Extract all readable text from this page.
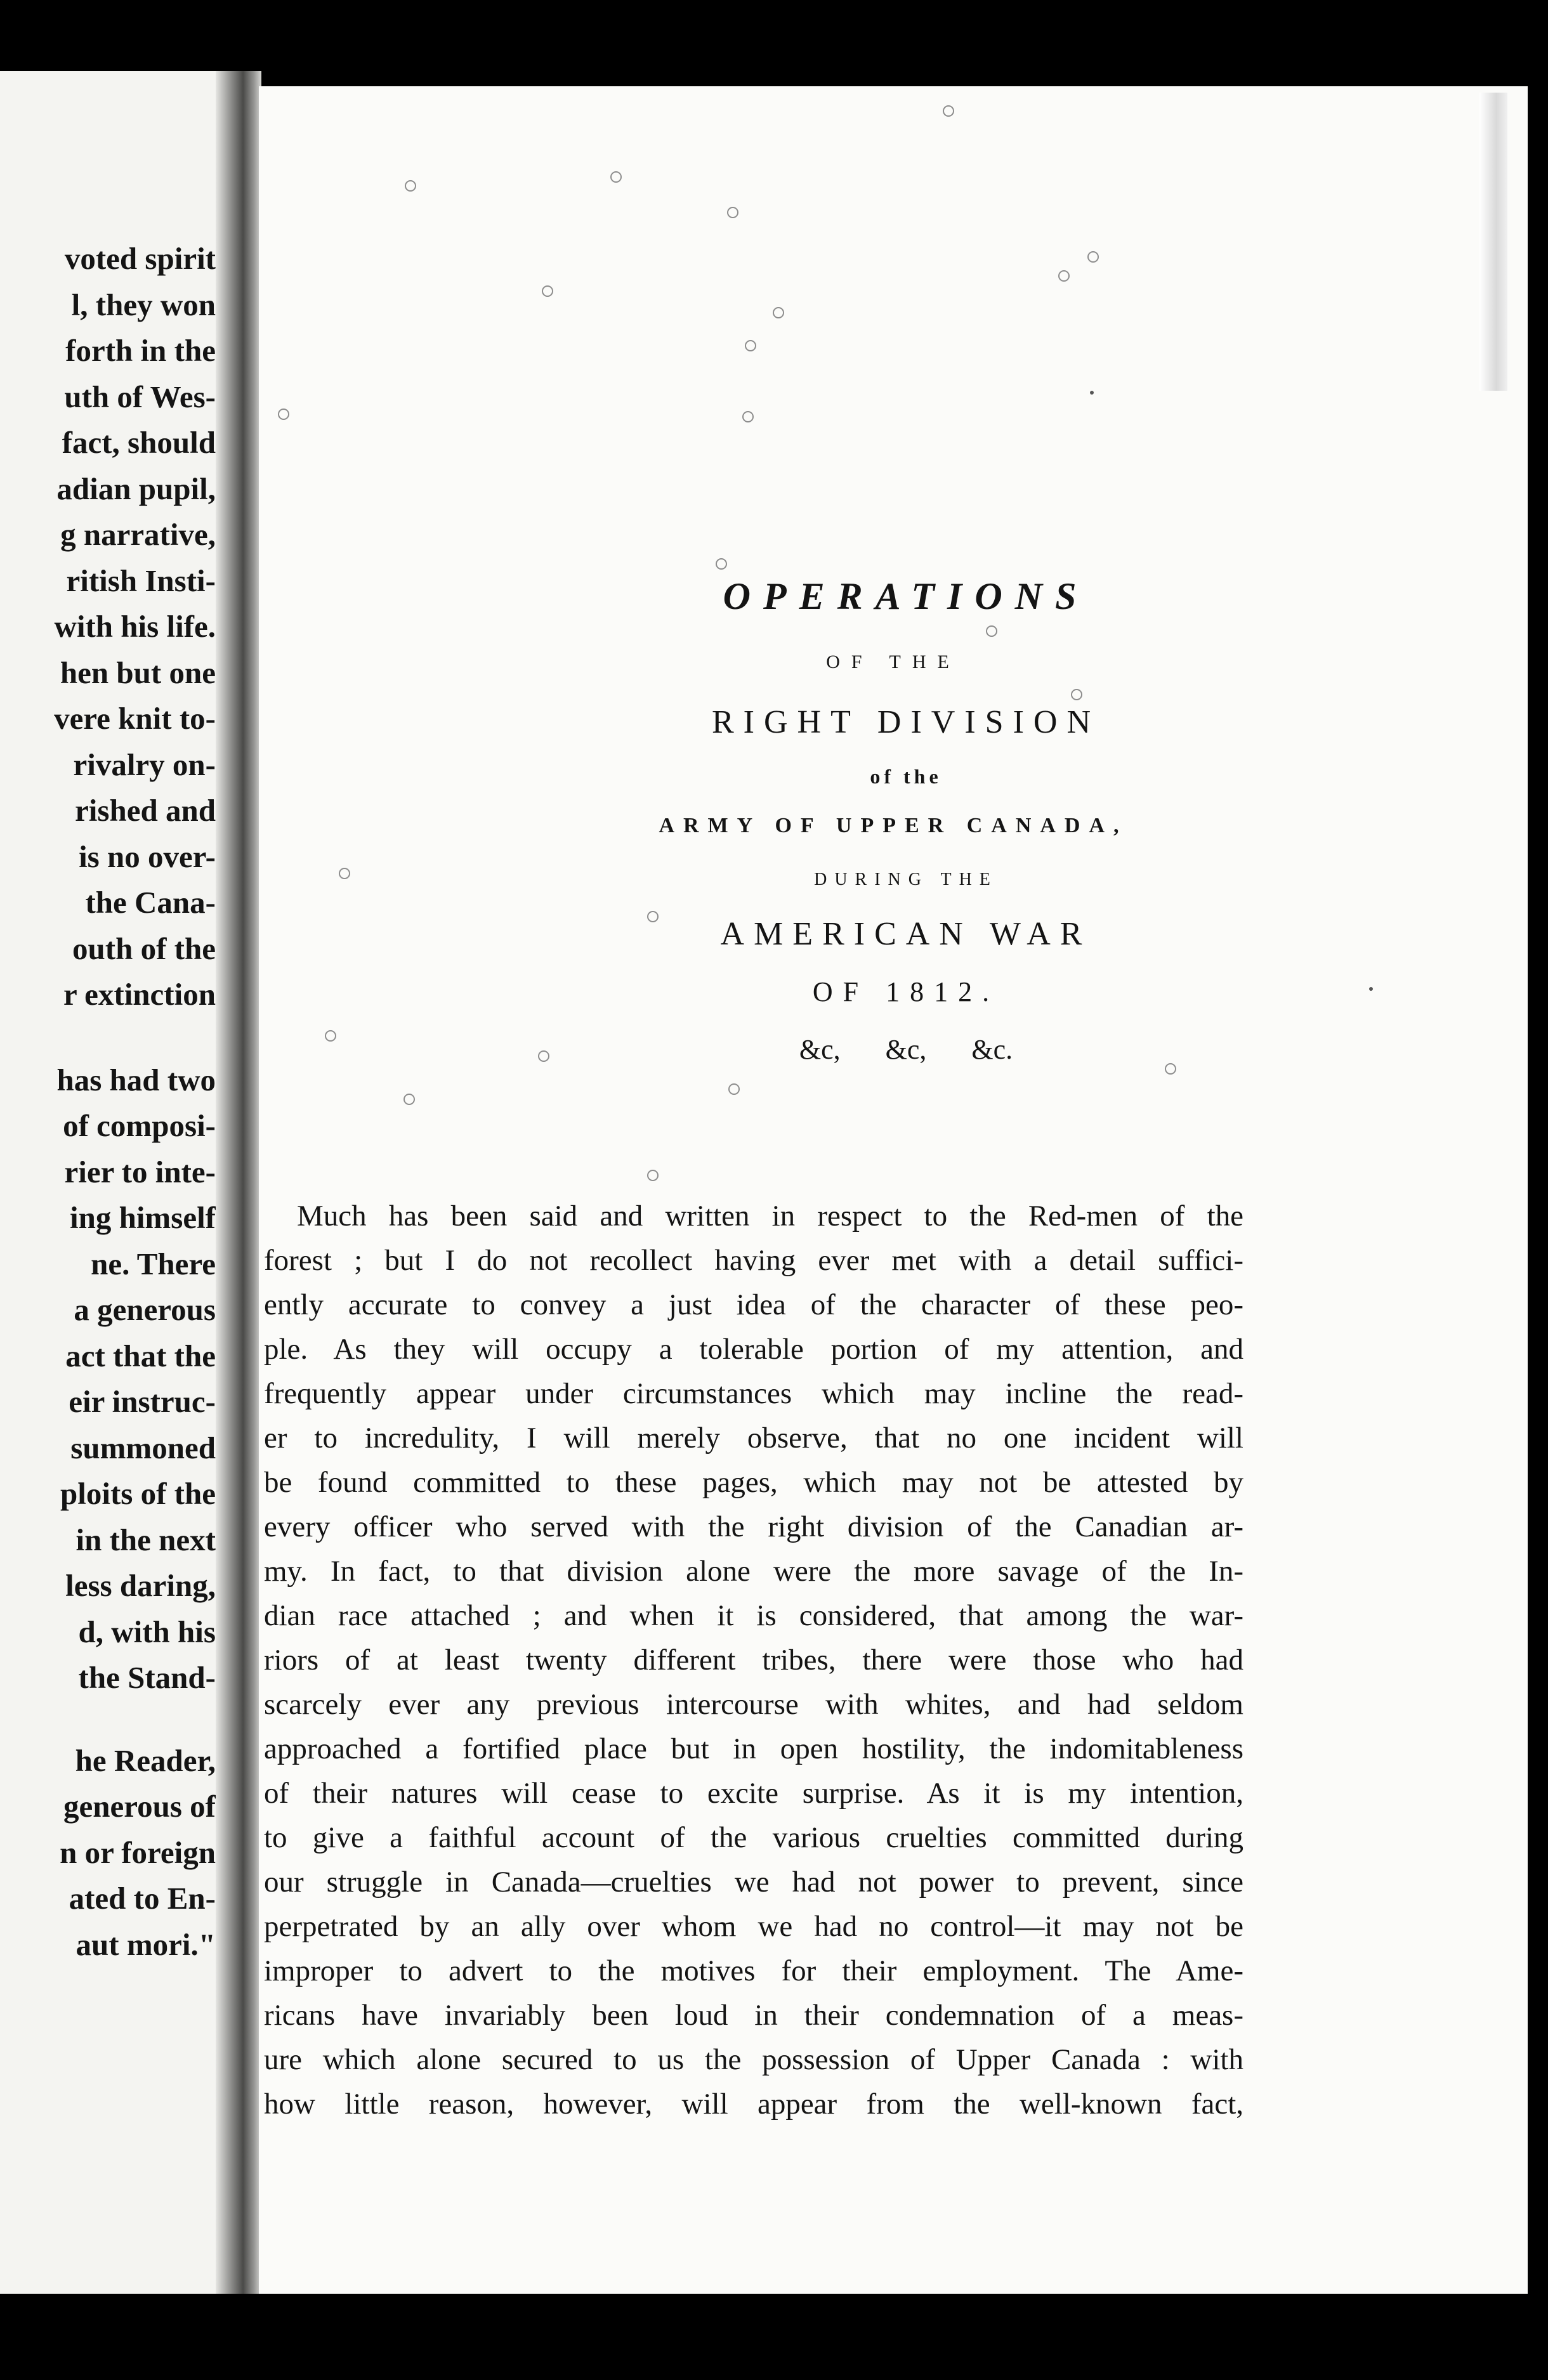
voted spirit
l, they won
forth in the
uth of Wes-
fact, should
adian pupil,
g narrative,
ritish Insti-
with his life.
hen but one
vere knit to-
rivalry on-
rished and
is no over-
the Cana-
outh of the
r extinction
has had two
of composi-
rier to inte-
ing himself
ne. There
a generous
act that the
eir instruc-
summoned
ploits of the
in the next
less daring,
d, with his
the Stand-
he Reader,
generous of
n or foreign
ated to En-
aut mori."
OPERATIONS
OF THE
RIGHT DIVISION
of the
ARMY OF UPPER CANADA,
DURING THE
AMERICAN WAR
OF 1812.
&c, &c, &c.
Much has been said and written in respect to the Red-men of the
forest ; but I do not recollect having ever met with a detail suffici-
ently accurate to convey a just idea of the character of these peo-
ple. As they will occupy a tolerable portion of my attention, and
frequently appear under circumstances which may incline the read-
er to incredulity, I will merely observe, that no one incident will
be found committed to these pages, which may not be attested by
every officer who served with the right division of the Canadian ar-
my. In fact, to that division alone were the more savage of the In-
dian race attached ; and when it is considered, that among the war-
riors of at least twenty different tribes, there were those who had
scarcely ever any previous intercourse with whites, and had seldom
approached a fortified place but in open hostility, the indomitableness
of their natures will cease to excite surprise. As it is my intention,
to give a faithful account of the various cruelties committed during
our struggle in Canada—cruelties we had not power to prevent, since
perpetrated by an ally over whom we had no control—it may not be
improper to advert to the motives for their employment. The Ame-
ricans have invariably been loud in their condemnation of a meas-
ure which alone secured to us the possession of Upper Canada : with
how little reason, however, will appear from the well-known fact,
